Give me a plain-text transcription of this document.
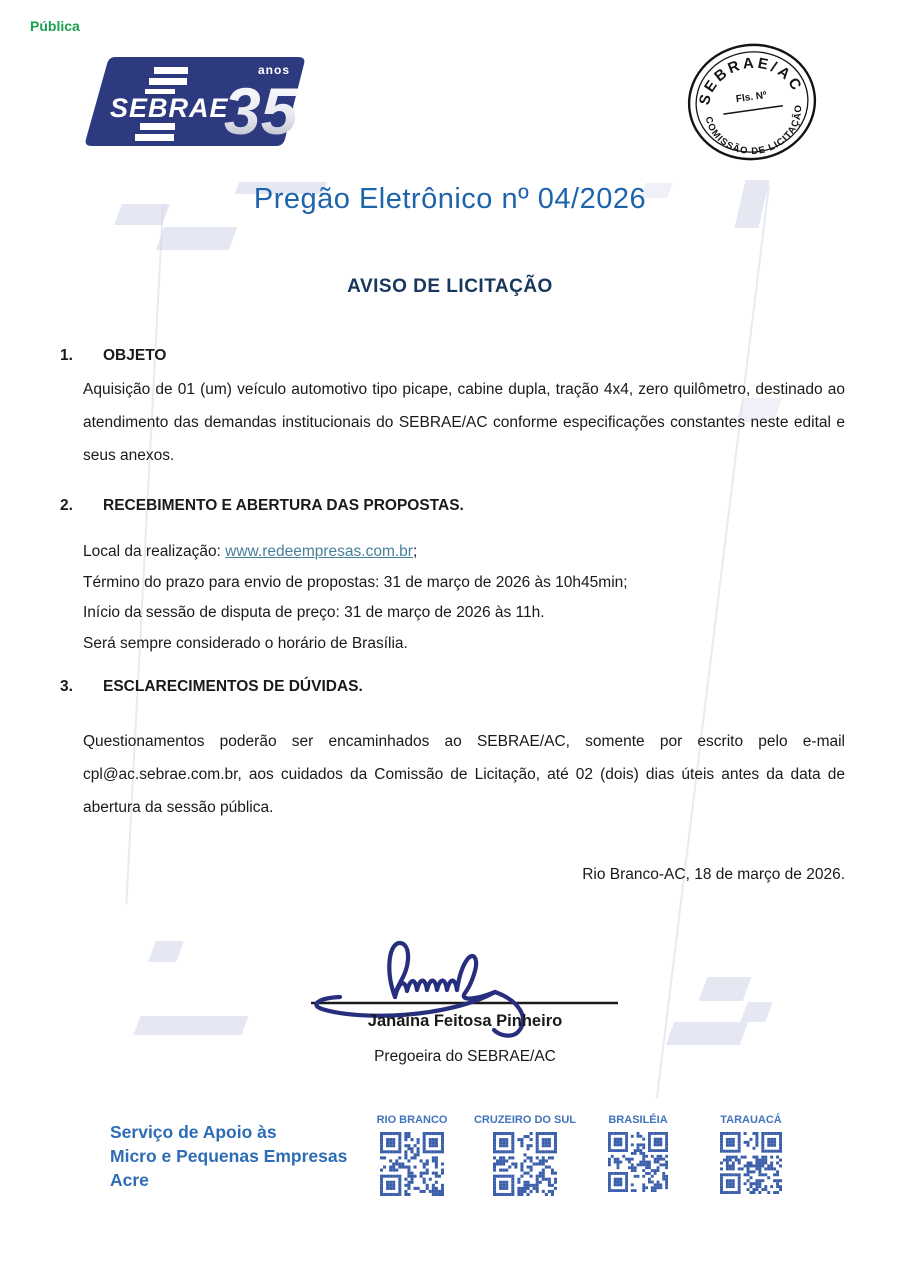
Pública
SEBRAE
anos
35	SEBRAE/AC
Fls. Nº
COMISSÃO DE LICITAÇÃO
Pregão Eletrônico nº 04/2026
AVISO DE LICITAÇÃO
1.	OBJETO
Aquisição de 01 (um) veículo automotivo tipo picape, cabine dupla, tração 4x4, zero quilômetro, destinado ao atendimento das demandas institucionais do SEBRAE/AC conforme especificações constantes neste edital e seus anexos.
2.	RECEBIMENTO E ABERTURA DAS PROPOSTAS.
Local da realização: www.redeempresas.com.br;
Término do prazo para envio de propostas: 31 de março de 2026 às 10h45min;
Início da sessão de disputa de preço: 31 de março de 2026 às 11h.
Será sempre considerado o horário de Brasília.
3.	ESCLARECIMENTOS DE DÚVIDAS.
Questionamentos poderão ser encaminhados ao SEBRAE/AC, somente por escrito pelo e-mail cpl@ac.sebrae.com.br, aos cuidados da Comissão de Licitação, até 02 (dois) dias úteis antes da data de abertura da sessão pública.
Rio Branco-AC, 18 de março de 2026.
Janaina Feitosa Pinheiro
Pregoeira do SEBRAE/AC
Serviço de Apoio às
Micro e Pequenas Empresas
Acre
RIO BRANCO CRUZEIRO DO SUL	BRASILÉIA	TARAUACÁ
